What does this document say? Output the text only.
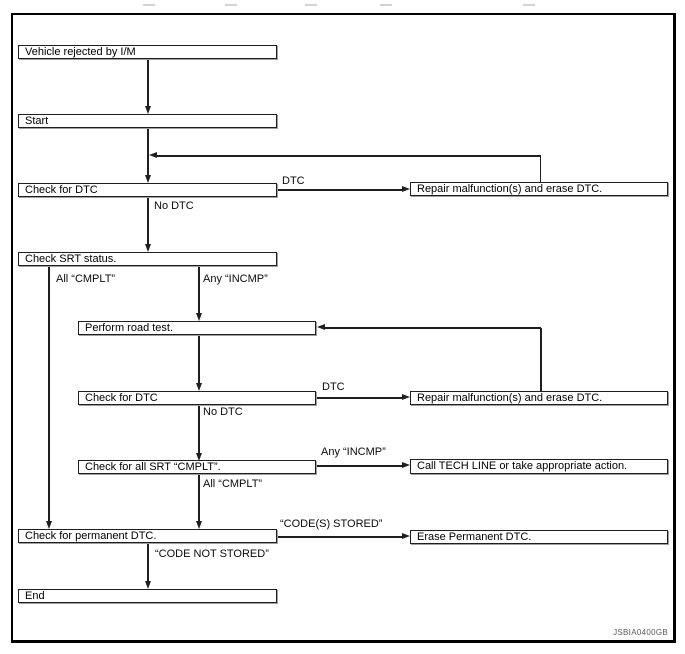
Vehicle rejected by I/M
Start
Check for DTC	Repair malfunction(s) and erase DTC.
Check SRT status.
Perform road test.
Check for DTC	Repair malfunction(s) and erase DTC.
Check for all SRT “CMPLT”.	Call TECH LINE or take appropriate action.
Check for permanent DTC.	Erase Permanent DTC.
End
DTC
No DTC
All “CMPLT”	Any “INCMP”
DTC
No DTC
Any “INCMP”
All “CMPLT”
“CODE(S) STORED”
“CODE NOT STORED”
JSBIA0400GB
